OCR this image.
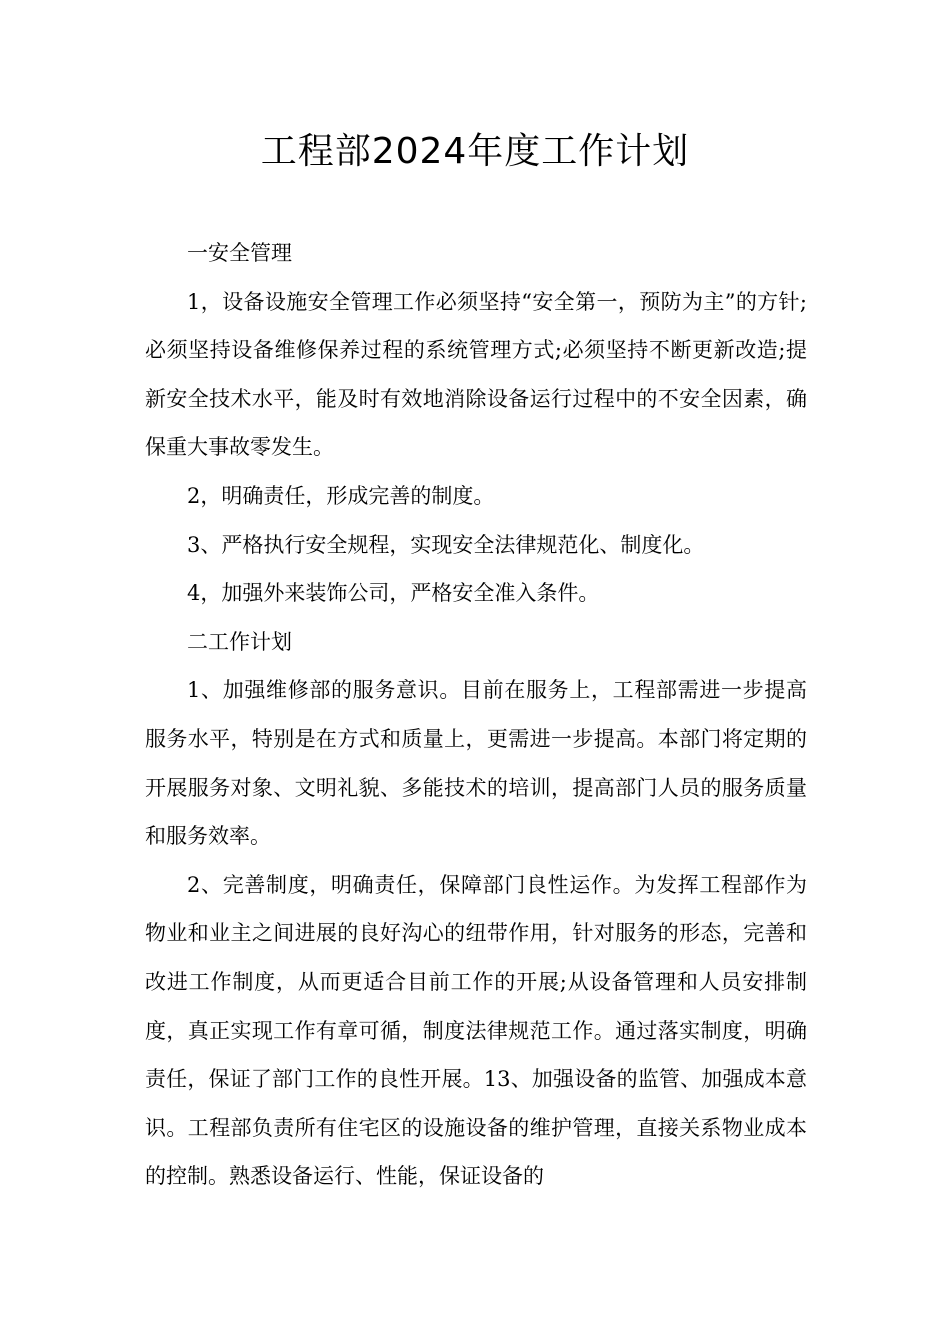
工程部2024年度工作计划

一安全管理

1，设备设施安全管理工作必须坚持“安全第一，预防为主”的方针;必须坚持设备维修保养过程的系统管理方式;必须坚持不断更新改造;提新安全技术水平，能及时有效地消除设备运行过程中的不安全因素，确保重大事故零发生。

2，明确责任，形成完善的制度。

3、严格执行安全规程，实现安全法律规范化、制度化。

4，加强外来装饰公司，严格安全准入条件。

二工作计划

1、加强维修部的服务意识。目前在服务上，工程部需进一步提高服务水平，特别是在方式和质量上，更需进一步提高。本部门将定期的开展服务对象、文明礼貌、多能技术的培训，提高部门人员的服务质量和服务效率。

2、完善制度，明确责任，保障部门良性运作。为发挥工程部作为物业和业主之间进展的良好沟心的纽带作用，针对服务的形态，完善和改进工作制度，从而更适合目前工作的开展;从设备管理和人员安排制度，真正实现工作有章可循，制度法律规范工作。通过落实制度，明确责任，保证了部门工作的良性开展。13、加强设备的监管、加强成本意识。工程部负责所有住宅区的设施设备的维护管理，直接关系物业成本的控制。熟悉设备运行、性能，保证设备的
